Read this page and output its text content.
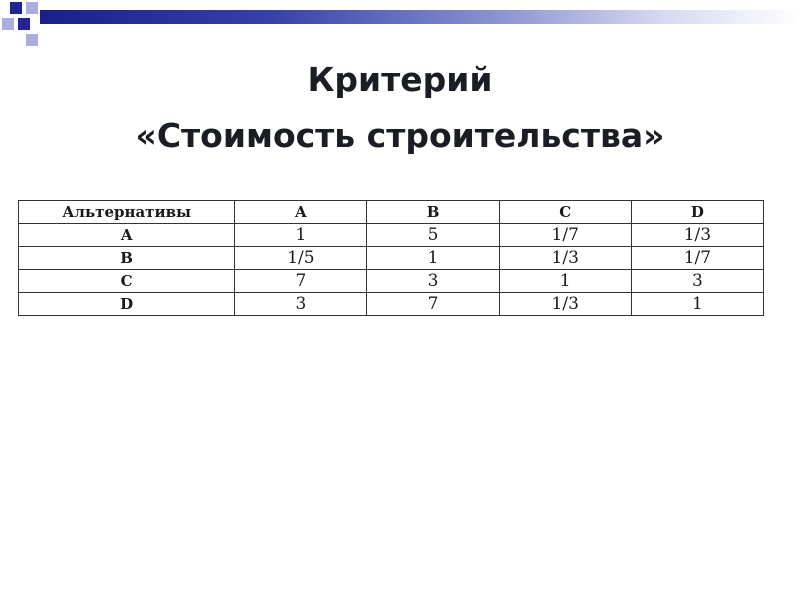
Критерий
«Стоимость строительства»
Альтернативы	A	B	C	D
A	1	5	1/7	1/3
B	1/5	1	1/3	1/7
C	7	3	1	3
D	3	7	1/3	1
